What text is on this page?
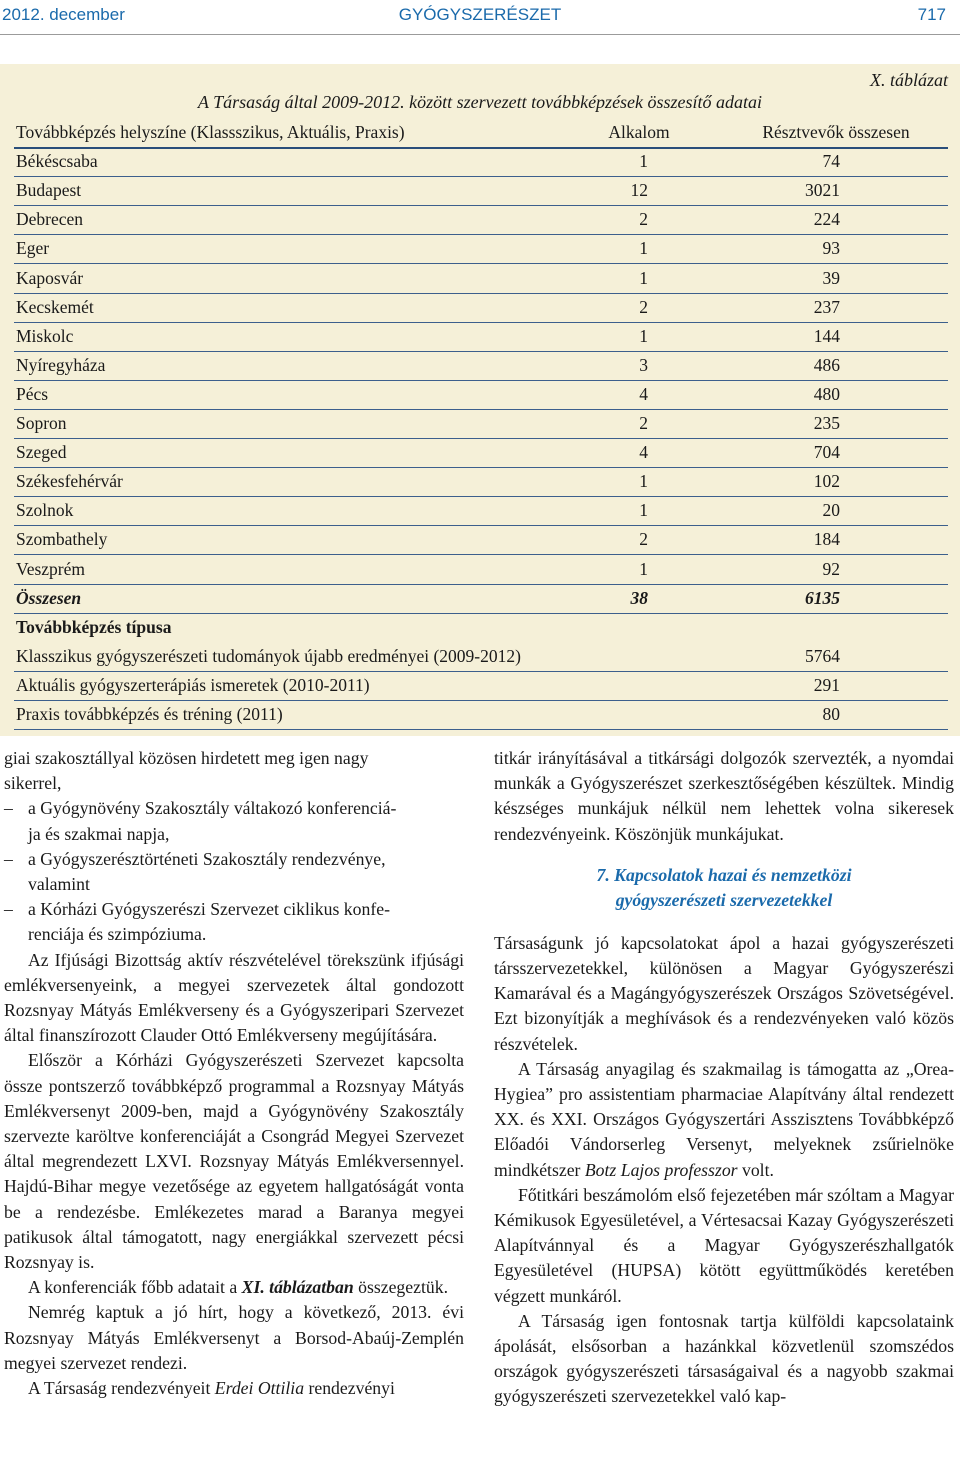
2012. december	GYÓGYSZERÉSZET	717
X. táblázat
A Társaság által 2009-2012. között szervezett továbbképzések összesítő adatai
Továbbképzés helyszíne (Klassszikus, Aktuális, Praxis)	Alkalom	Résztvevők összesen
Békéscsaba	1	74
Budapest	12	3021
Debrecen	2	224
Eger	1	93
Kaposvár	1	39
Kecskemét	2	237
Miskolc	1	144
Nyíregyháza	3	486
Pécs	4	480
Sopron	2	235
Szeged	4	704
Székesfehérvár	1	102
Szolnok	1	20
Szombathely	2	184
Veszprém	1	92
Összesen	38	6135
Továbbképzés típusa
Klasszikus gyógyszerészeti tudományok újabb eredményei (2009-2012)	5764
Aktuális gyógyszerterápiás ismeretek (2010-2011)	291
Praxis továbbképzés és tréning (2011)	80

giai szakosztállyal közösen hirdetett meg igen nagy

sikerrel,

– a Gyógynövény Szakosztály váltakozó konferenciá-

ja és szakmai napja,

– a Gyógyszerésztörténeti Szakosztály rendezvénye,

valamint

– a Kórházi Gyógyszerészi Szervezet ciklikus konfe-

renciája és szimpóziuma.

Az Ifjúsági Bizottság aktív részvételével törekszünk ifjúsági emlékversenyeink, a megyei szervezetek által gondozott Rozsnyay Mátyás Emlékverseny és a Gyógyszeripari Szervezet által finanszírozott Clauder Ottó Emlékverseny megújítására.

Először a Kórházi Gyógyszerészeti Szervezet kapcsolta össze pontszerző továbbképző programmal a Rozsnyay Mátyás Emlékversenyt 2009-ben, majd a Gyógynövény Szakosztály szervezte karöltve konferenciáját a Csongrád Megyei Szervezet által megrendezett LXVI. Rozsnyay Mátyás Emlékversennyel. Hajdú-Bihar megye vezetősége az egyetem hallgatóságát vonta be a rendezésbe. Emlékezetes marad a Baranya megyei patikusok által támogatott, nagy energiákkal szervezett pécsi Rozsnyay is.

A konferenciák főbb adatait a XI. táblázatban összegeztük.

Nemrég kaptuk a jó hírt, hogy a következő, 2013. évi Rozsnyay Mátyás Emlékversenyt a Borsod-Abaúj-Zemplén megyei szervezet rendezi.

A Társaság rendezvényeit Erdei Ottilia rendezvényi

titkár irányításával a titkársági dolgozók szervezték, a nyomdai munkák a Gyógyszerészet szerkesztőségében készültek. Mindig készséges munkájuk nélkül nem lehettek volna sikeresek rendezvényeink. Köszönjük munkájukat.

7. Kapcsolatok hazai és nemzetközi
gyógyszerészeti szervezetekkel

Társaságunk jó kapcsolatokat ápol a hazai gyógyszerészeti társszervezetekkel, különösen a Magyar Gyógyszerészi Kamarával és a Magángyógyszerészek Országos Szövetségével. Ezt bizonyítják a meghívások és a rendezvényeken való közös részvételek.

A Társaság anyagilag és szakmailag is támogatta az „Orea-Hygiea” pro assistentiam pharmaciae Alapítvány által rendezett XX. és XXI. Országos Gyógyszertári Asszisztens Továbbképző Előadói Vándorserleg Versenyt, melyeknek zsűrielnöke mindkétszer Botz Lajos professzor volt.

Főtitkári beszámolóm első fejezetében már szóltam a Magyar Kémikusok Egyesületével, a Vértesacsai Kazay Gyógyszerészeti Alapítvánnyal és a Magyar Gyógyszerészhallgatók Egyesületével (HUPSA) kötött együttműködés keretében végzett munkáról.

A Társaság igen fontosnak tartja külföldi kapcsolataink ápolását, elsősorban a hazánkkal közvetlenül szomszédos országok gyógyszerészeti társaságaival és a nagyobb szakmai gyógyszerészeti szervezetekkel való kap-
